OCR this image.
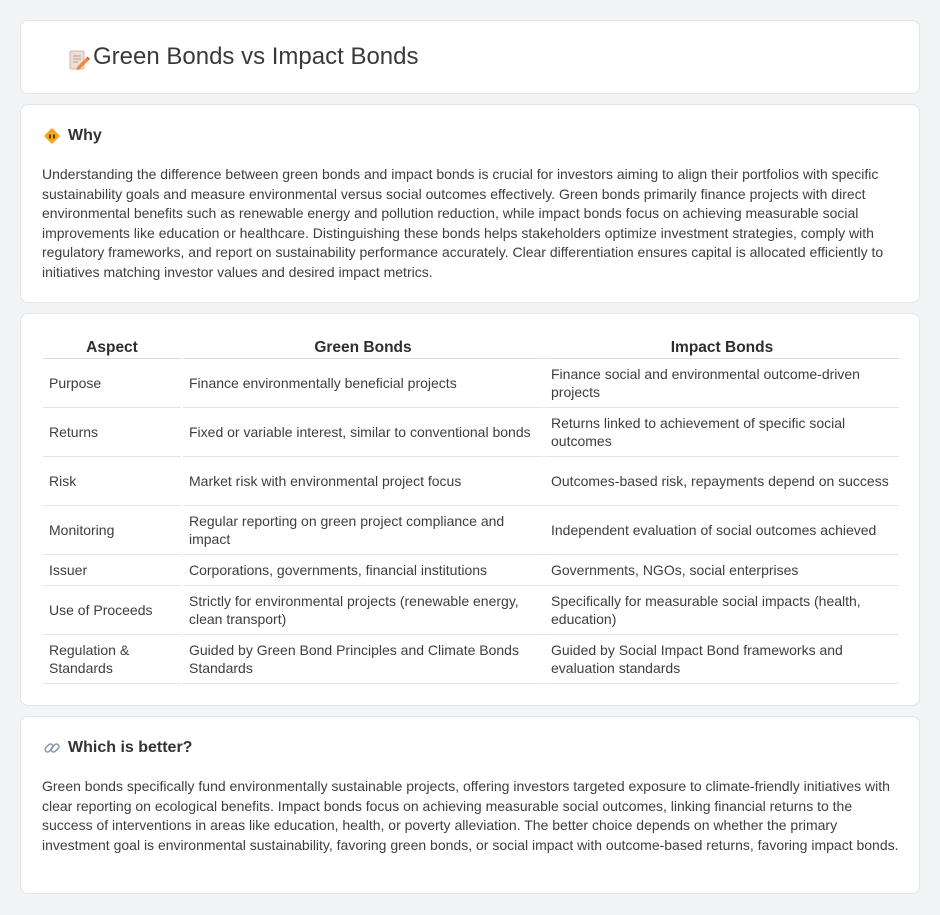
Green Bonds vs Impact Bonds
Why

Understanding the difference between green bonds and impact bonds is crucial for investors aiming to align their portfolios with specific sustainability goals and measure environmental versus social outcomes effectively. Green bonds primarily finance projects with direct environmental benefits such as renewable energy and pollution reduction, while impact bonds focus on achieving measurable social improvements like education or healthcare. Distinguishing these bonds helps stakeholders optimize investment strategies, comply with regulatory frameworks, and report on sustainability performance accurately. Clear differentiation ensures capital is allocated efficiently to initiatives matching investor values and desired impact metrics.

Aspect	Green Bonds	Impact Bonds
Purpose	Finance environmentally beneficial projects	Finance social and environmental outcome-driven projects
Returns	Fixed or variable interest, similar to conventional bonds	Returns linked to achievement of specific social outcomes
Risk	Market risk with environmental project focus	Outcomes-based risk, repayments depend on success
Monitoring	Regular reporting on green project compliance and impact	Independent evaluation of social outcomes achieved
Issuer	Corporations, governments, financial institutions	Governments, NGOs, social enterprises
Use of Proceeds	Strictly for environmental projects (renewable energy, clean transport)	Specifically for measurable social impacts (health, education)
Regulation & Standards	Guided by Green Bond Principles and Climate Bonds Standards	Guided by Social Impact Bond frameworks and evaluation standards
Which is better?

Green bonds specifically fund environmentally sustainable projects, offering investors targeted exposure to climate-friendly initiatives with clear reporting on ecological benefits. Impact bonds focus on achieving measurable social outcomes, linking financial returns to the success of interventions in areas like education, health, or poverty alleviation. The better choice depends on whether the primary investment goal is environmental sustainability, favoring green bonds, or social impact with outcome-based returns, favoring impact bonds.
